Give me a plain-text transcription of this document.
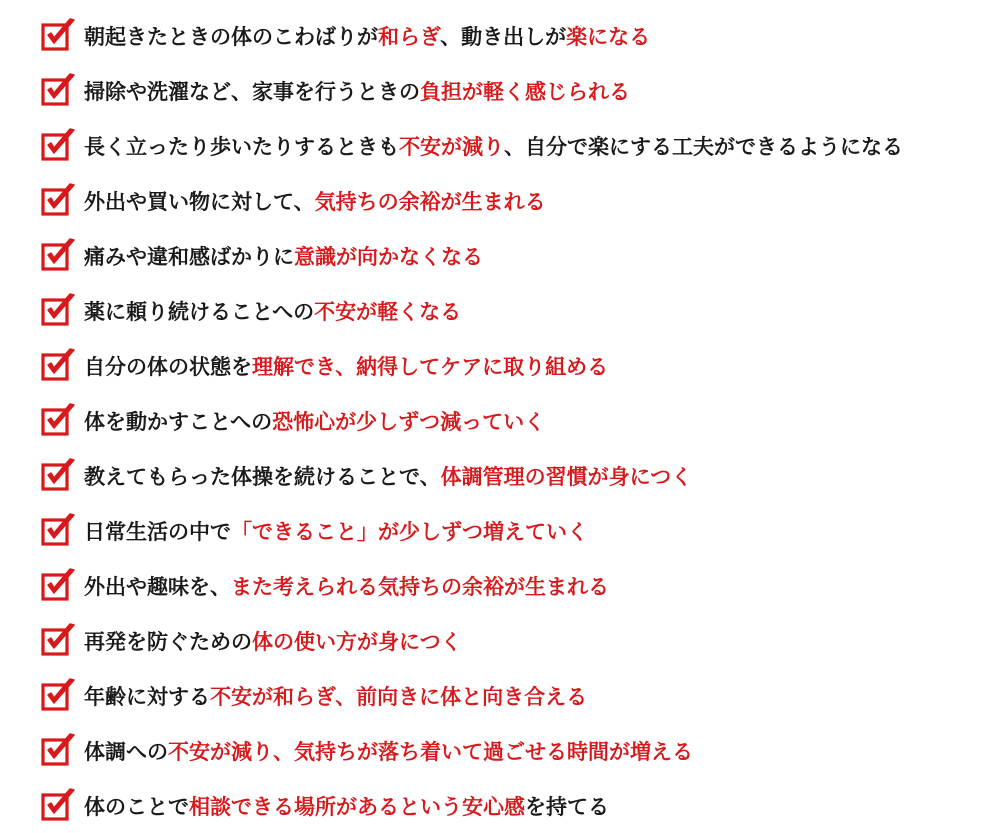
朝起きたときの体のこわばりが和らぎ、動き出しが楽になる
掃除や洗濯など、家事を行うときの負担が軽く感じられる
長く立ったり歩いたりするときも不安が減り、自分で楽にする工夫ができるようになる
外出や買い物に対して、気持ちの余裕が生まれる
痛みや違和感ばかりに意識が向かなくなる
薬に頼り続けることへの不安が軽くなる
自分の体の状態を理解でき、納得してケアに取り組める
体を動かすことへの恐怖心が少しずつ減っていく
教えてもらった体操を続けることで、体調管理の習慣が身につく
日常生活の中で「できること」が少しずつ増えていく
外出や趣味を、また考えられる気持ちの余裕が生まれる
再発を防ぐための体の使い方が身につく
年齢に対する不安が和らぎ、前向きに体と向き合える
体調への不安が減り、気持ちが落ち着いて過ごせる時間が増える
体のことで相談できる場所があるという安心感を持てる
